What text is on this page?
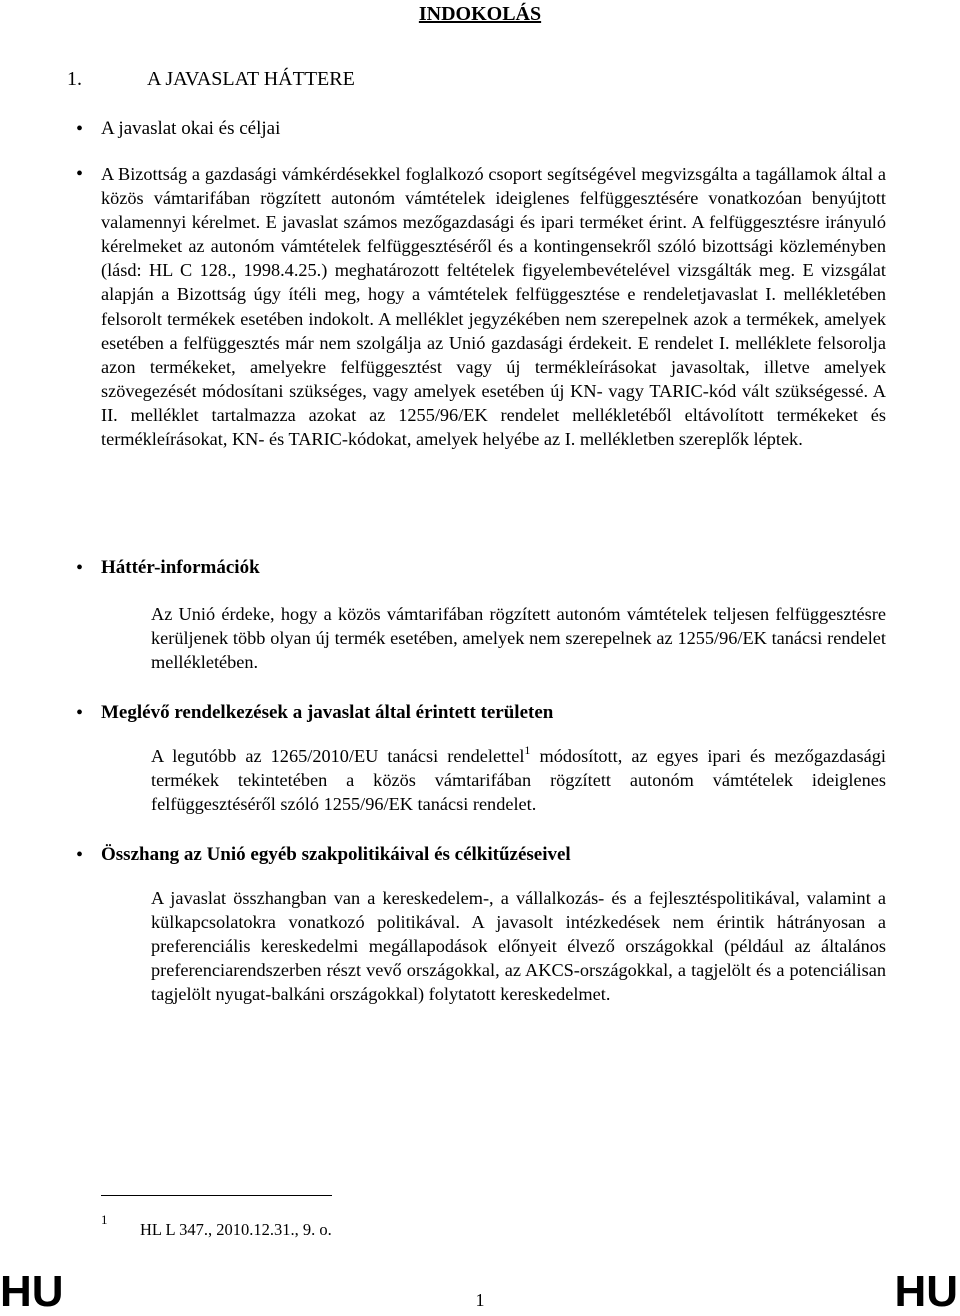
INDOKOLÁS
1.	A JAVASLAT HÁTTERE
• A javaslat okai és céljai
• A Bizottság a gazdasági vámkérdésekkel foglalkozó csoport segítségével megvizsgálta a tagállamok által a közös vámtarifában rögzített autonóm vámtételek ideiglenes felfüggesztésére vonatkozóan benyújtott valamennyi kérelmet. E javaslat számos mezőgazdasági és ipari terméket érint. A felfüggesztésre irányuló kérelmeket az autonóm vámtételek felfüggesztéséről és a kontingensekről szóló bizottsági közleményben (lásd: HL C 128., 1998.4.25.) meghatározott feltételek figyelembevételével vizsgálták meg. E vizsgálat alapján a Bizottság úgy ítéli meg, hogy a vámtételek felfüggesztése e rendeletjavaslat I. mellékletében felsorolt termékek esetében indokolt. A melléklet jegyzékében nem szerepelnek azok a termékek, amelyek esetében a felfüggesztés már nem szolgálja az Unió gazdasági érdekeit. E rendelet I. melléklete felsorolja azon termékeket, amelyekre felfüggesztést vagy új termékleírásokat javasoltak, illetve amelyek szövegezését módosítani szükséges, vagy amelyek esetében új KN- vagy TARIC-kód vált szükségessé. A II. melléklet tartalmazza azokat az 1255/96/EK rendelet mellékletéből eltávolított termékeket és termékleírásokat, KN- és TARIC-kódokat, amelyek helyébe az I. mellékletben szereplők léptek.

• Háttér-információk

Az Unió érdeke, hogy a közös vámtarifában rögzített autonóm vámtételek teljesen felfüggesztésre kerüljenek több olyan új termék esetében, amelyek nem szerepelnek az 1255/96/EK tanácsi rendelet mellékletében.

• Meglévő rendelkezések a javaslat által érintett területen

A legutóbb az 1265/2010/EU tanácsi rendelettel$^1$ módosított, az egyes ipari és mezőgazdasági termékek tekintetében a közös vámtarifában rögzített autonóm vámtételek ideiglenes felfüggesztéséről szóló 1255/96/EK tanácsi rendelet.

• Összhang az Unió egyéb szakpolitikáival és célkitűzéseivel

A javaslat összhangban van a kereskedelem-, a vállalkozás- és a fejlesztéspolitikával, valamint a külkapcsolatokra vonatkozó politikával. A javasolt intézkedések nem érintik hátrányosan a preferenciális kereskedelmi megállapodások előnyeit élvező országokkal (például az általános preferenciarendszerben részt vevő országokkal, az AKCS-országokkal, a tagjelölt és a potenciálisan tagjelölt nyugat-balkáni országokkal) folytatott kereskedelmet.

1
HL L 347., 2010.12.31., 9. o.
HU	1	HU
